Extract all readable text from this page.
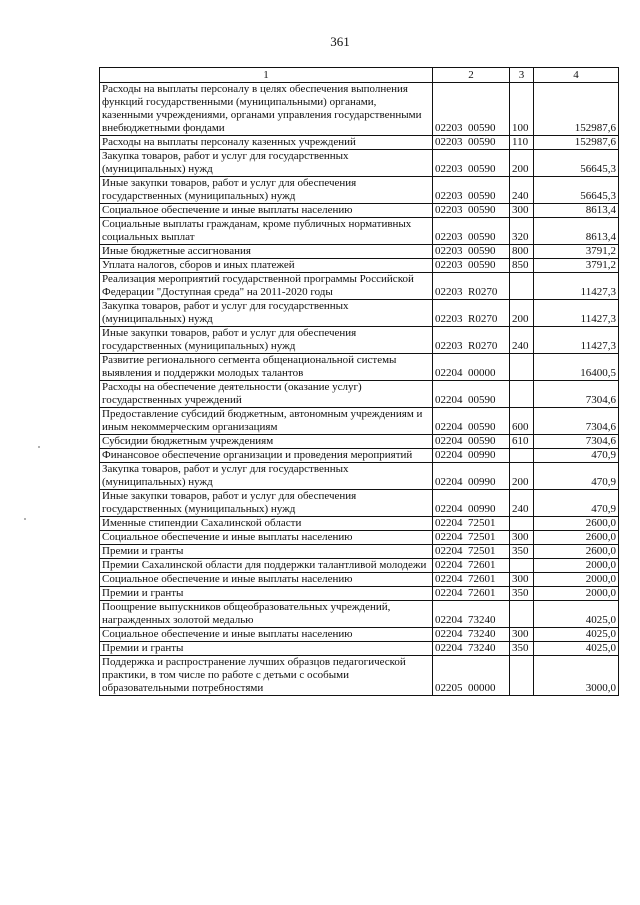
361
1	2	3	4
Расходы на выплаты персоналу в целях обеспечения выполнения функций государственными (муниципальными) органами, казенными учреждениями, органами управления государственными внебюджетными фондами	02203  00590	100	152987,6
Расходы на выплаты персоналу казенных учреждений	02203  00590	110	152987,6
Закупка товаров, работ и услуг для государственных (муниципальных) нужд	02203  00590	200	56645,3
Иные закупки товаров, работ и услуг для обеспечения государственных (муниципальных) нужд	02203  00590	240	56645,3
Социальное обеспечение и иные выплаты населению	02203  00590	300	8613,4
Социальные выплаты гражданам, кроме публичных нормативных социальных выплат	02203  00590	320	8613,4
Иные бюджетные ассигнования	02203  00590	800	3791,2
Уплата налогов, сборов и иных платежей	02203  00590	850	3791,2
Реализация мероприятий государственной программы Российской Федерации "Доступная среда" на 2011-2020 годы	02203  R0270		11427,3
Закупка товаров, работ и услуг для государственных (муниципальных) нужд	02203  R0270	200	11427,3
Иные закупки товаров, работ и услуг для обеспечения государственных (муниципальных) нужд	02203  R0270	240	11427,3
Развитие регионального сегмента общенациональной системы выявления и поддержки молодых талантов	02204  00000		16400,5
Расходы на обеспечение деятельности (оказание услуг) государственных учреждений	02204  00590		7304,6
Предоставление субсидий бюджетным, автономным учреждениям и иным некоммерческим организациям	02204  00590	600	7304,6
Субсидии бюджетным учреждениям	02204  00590	610	7304,6
Финансовое обеспечение организации и проведения мероприятий	02204  00990		470,9
Закупка товаров, работ и услуг для государственных (муниципальных) нужд	02204  00990	200	470,9
Иные закупки товаров, работ и услуг для обеспечения государственных (муниципальных) нужд	02204  00990	240	470,9
Именные стипендии Сахалинской области	02204  72501		2600,0
Социальное обеспечение и иные выплаты населению	02204  72501	300	2600,0
Премии и гранты	02204  72501	350	2600,0
Премии Сахалинской области для поддержки талантливой молодежи	02204  72601		2000,0
Социальное обеспечение и иные выплаты населению	02204  72601	300	2000,0
Премии и гранты	02204  72601	350	2000,0
Поощрение выпускников общеобразовательных учреждений, награжденных золотой медалью	02204  73240		4025,0
Социальное обеспечение и иные выплаты населению	02204  73240	300	4025,0
Премии и гранты	02204  73240	350	4025,0
Поддержка и распространение лучших образцов педагогической практики, в том числе по работе с детьми с особыми образовательными потребностями	02205  00000		3000,0
